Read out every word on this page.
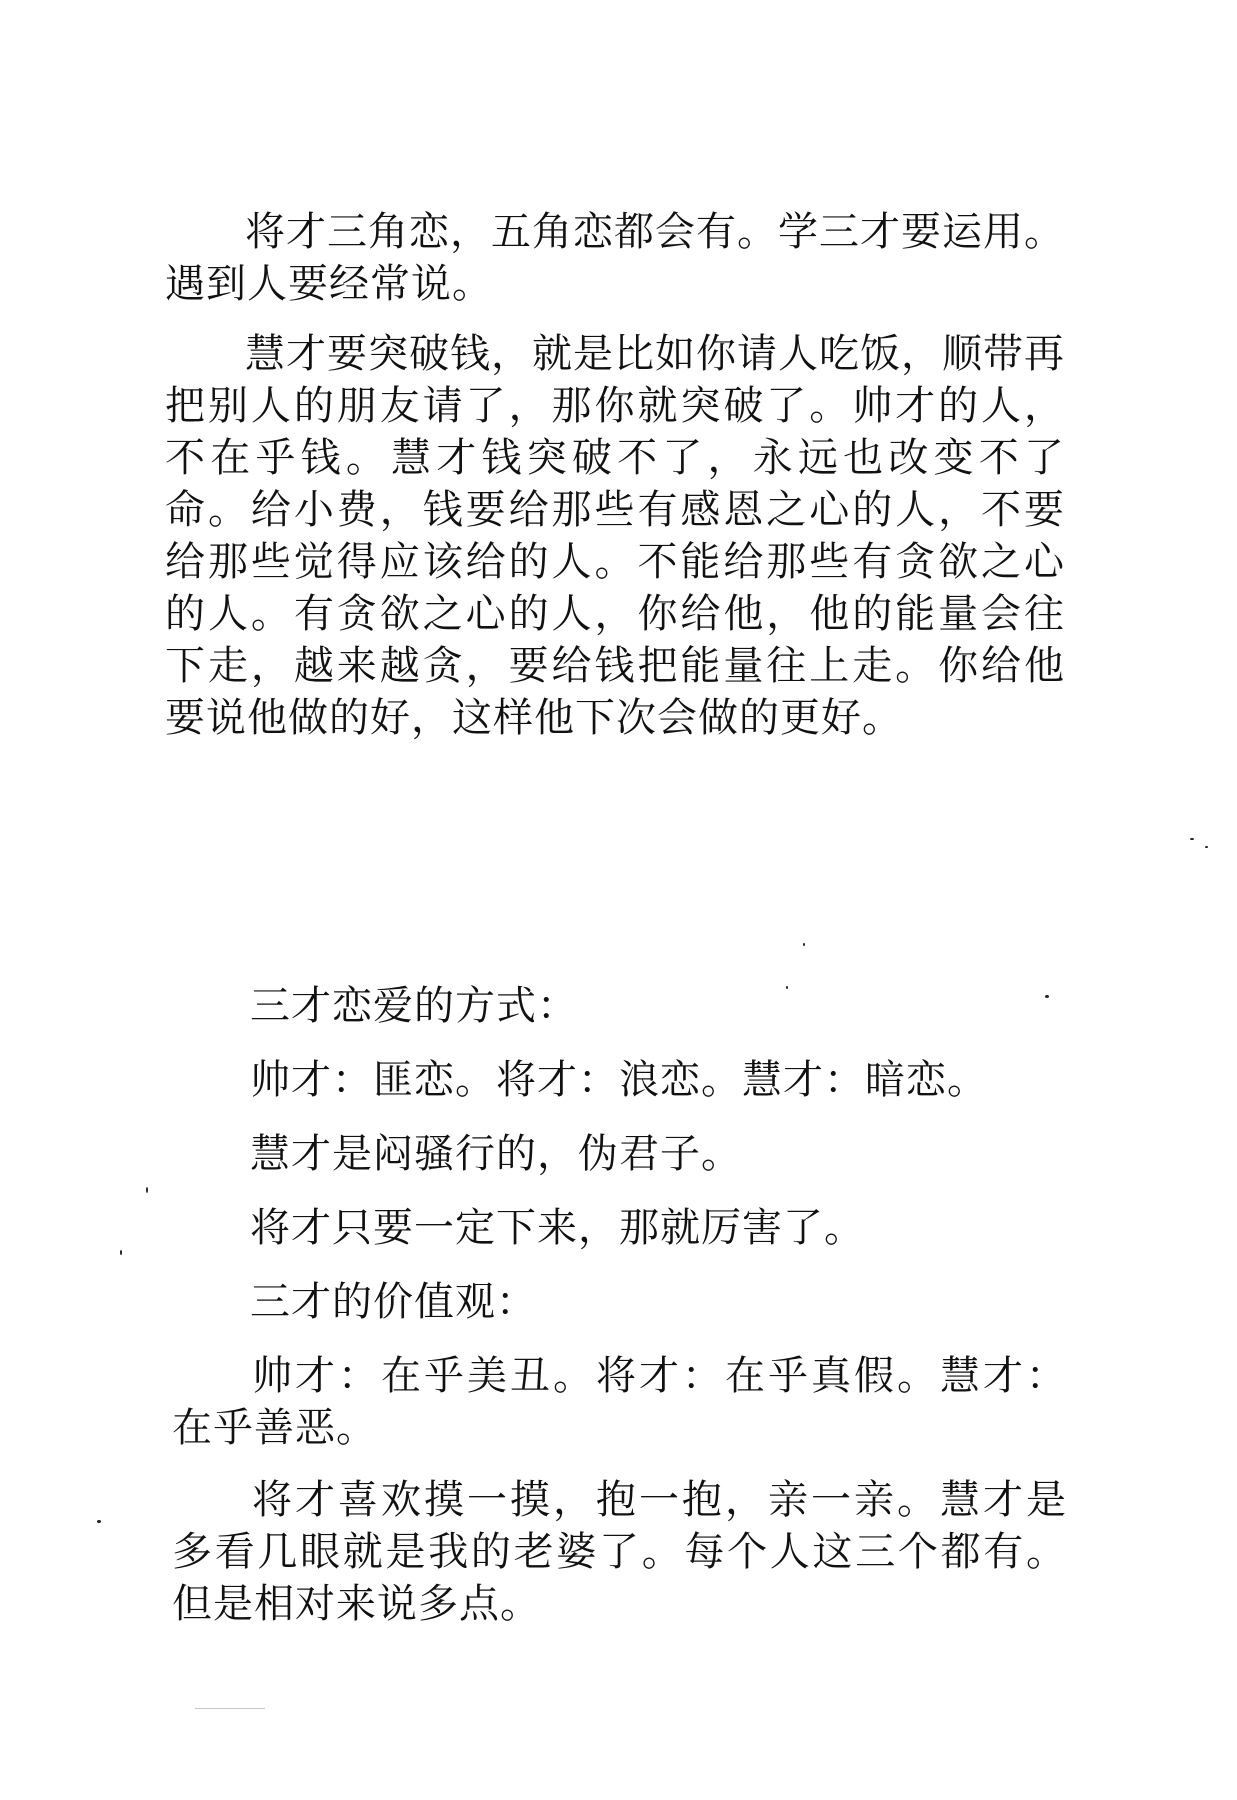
将才三角恋，五角恋都会有。学三才要运用。遇到人要经常说。

慧才要突破钱，就是比如你请人吃饭，顺带再把别人的朋友请了，那你就突破了。帅才的人，不在乎钱。慧才钱突破不了，永远也改变不了命。给小费，钱要给那些有感恩之心的人，不要给那些觉得应该给的人。不能给那些有贪欲之心的人。有贪欲之心的人，你给他，他的能量会往下走，越来越贪，要给钱把能量往上走。你给他要说他做的好，这样他下次会做的更好。

三才恋爱的方式：

帅才：匪恋。将才：浪恋。慧才：暗恋。

慧才是闷骚行的，伪君子。

将才只要一定下来，那就厉害了。

三才的价值观：

帅才：在乎美丑。将才：在乎真假。慧才：在乎善恶。

将才喜欢摸一摸，抱一抱，亲一亲。慧才是多看几眼就是我的老婆了。每个人这三个都有。但是相对来说多点。
